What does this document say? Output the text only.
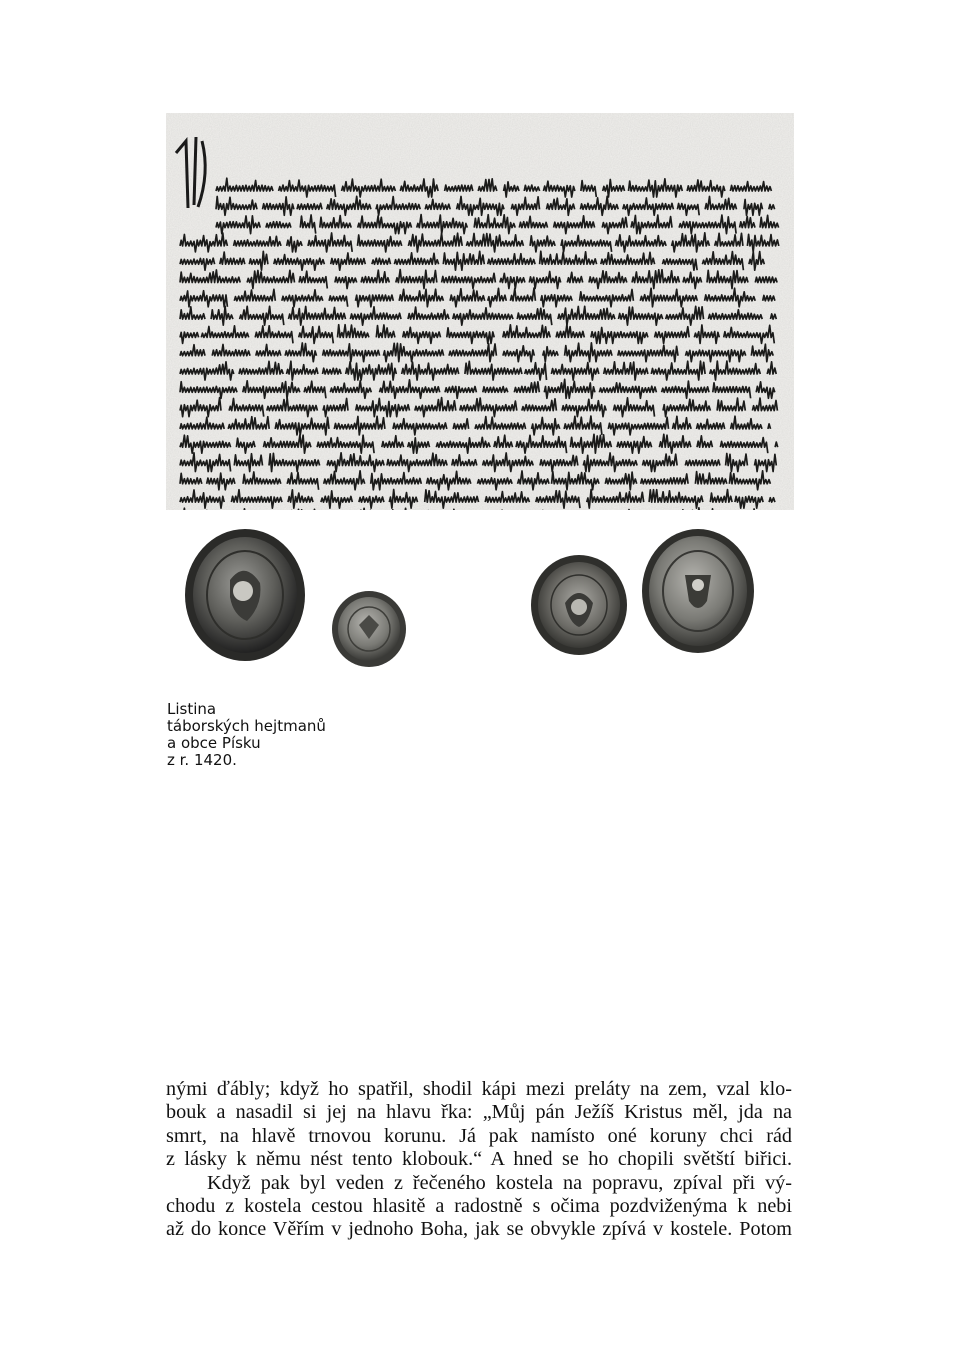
Listina
táborských hejtmanů
a obce Písku
z r. 1420.
nými ďábly; když ho spatřil, shodil kápi mezi preláty na zem, vzal klo-
bouk a nasadil si jej na hlavu řka: „Můj pán Ježíš Kristus měl, jda na
smrt, na hlavě trnovou korunu. Já pak namísto oné koruny chci rád
z lásky k němu nést tento klobouk.“ A hned se ho chopili světští biřici.
Když pak byl veden z řečeného kostela na popravu, zpíval při vý-
chodu z kostela cestou hlasitě a radostně s očima pozdviženýma k nebi
až do konce Věřím v jednoho Boha, jak se obvykle zpívá v kostele. Potom
